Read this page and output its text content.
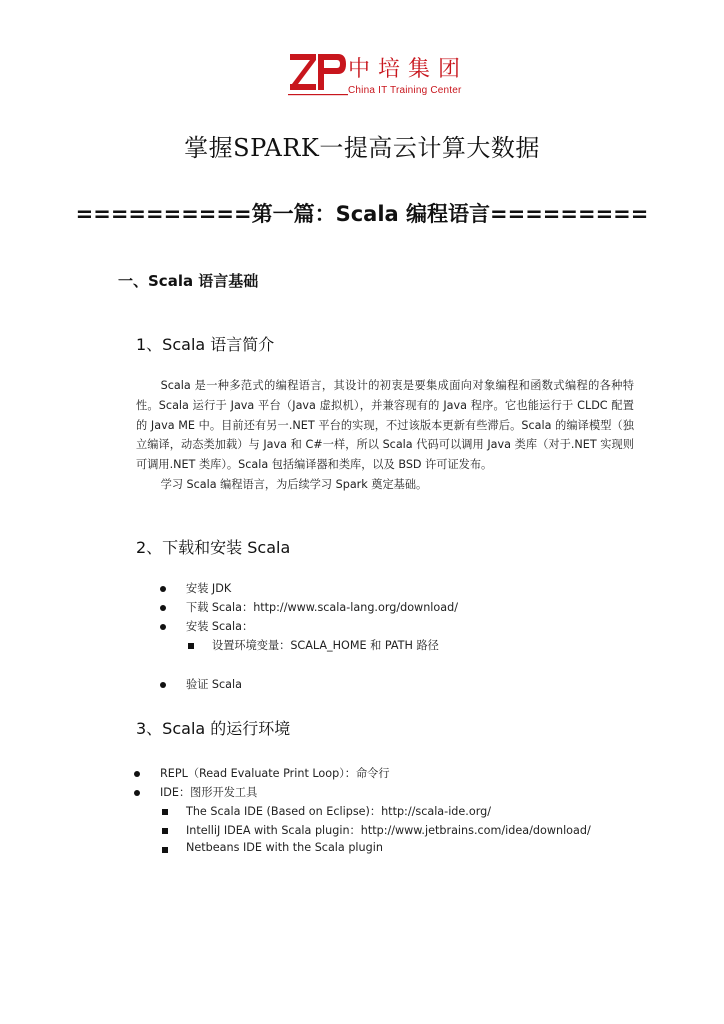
中培集团
China IT Training Center
掌握SPARK一提高云计算大数据
==========第一篇：Scala 编程语言=========
一、Scala 语言基础
1、Scala 语言简介

Scala 是一种多范式的编程语言，其设计的初衷是要集成面向对象编程和函数式编程的各种特性。Scala 运行于 Java 平台（Java 虚拟机），并兼容现有的 Java 程序。它也能运行于 CLDC 配置的 Java ME 中。目前还有另一.NET 平台的实现，不过该版本更新有些滞后。Scala 的编译模型（独立编译，动态类加载）与 Java 和 C#一样，所以 Scala 代码可以调用 Java 类库（对于.NET 实现则可调用.NET 类库）。Scala 包括编译器和类库，以及 BSD 许可证发布。

学习 Scala 编程语言，为后续学习 Spark 奠定基础。

2、下载和安装 Scala
安装 JDK
下载 Scala：http://www.scala-lang.org/download/
安装 Scala：
设置环境变量：SCALA_HOME 和 PATH 路径
验证 Scala
3、Scala 的运行环境
REPL（Read Evaluate Print Loop）：命令行
IDE：图形开发工具
The Scala IDE (Based on Eclipse)：http://scala-ide.org/
IntelliJ IDEA with Scala plugin：http://www.jetbrains.com/idea/download/
Netbeans IDE with the Scala plugin
